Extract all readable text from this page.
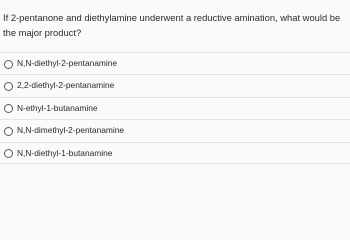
If 2-pentanone and diethylamine underwent a reductive amination, what would be the major product?

N,N-diethyl-2-pentanamine
2,2-diethyl-2-pentanamine
N-ethyl-1-butanamine
N,N-dimethyl-2-pentanamine
N,N-diethyl-1-butanamine
